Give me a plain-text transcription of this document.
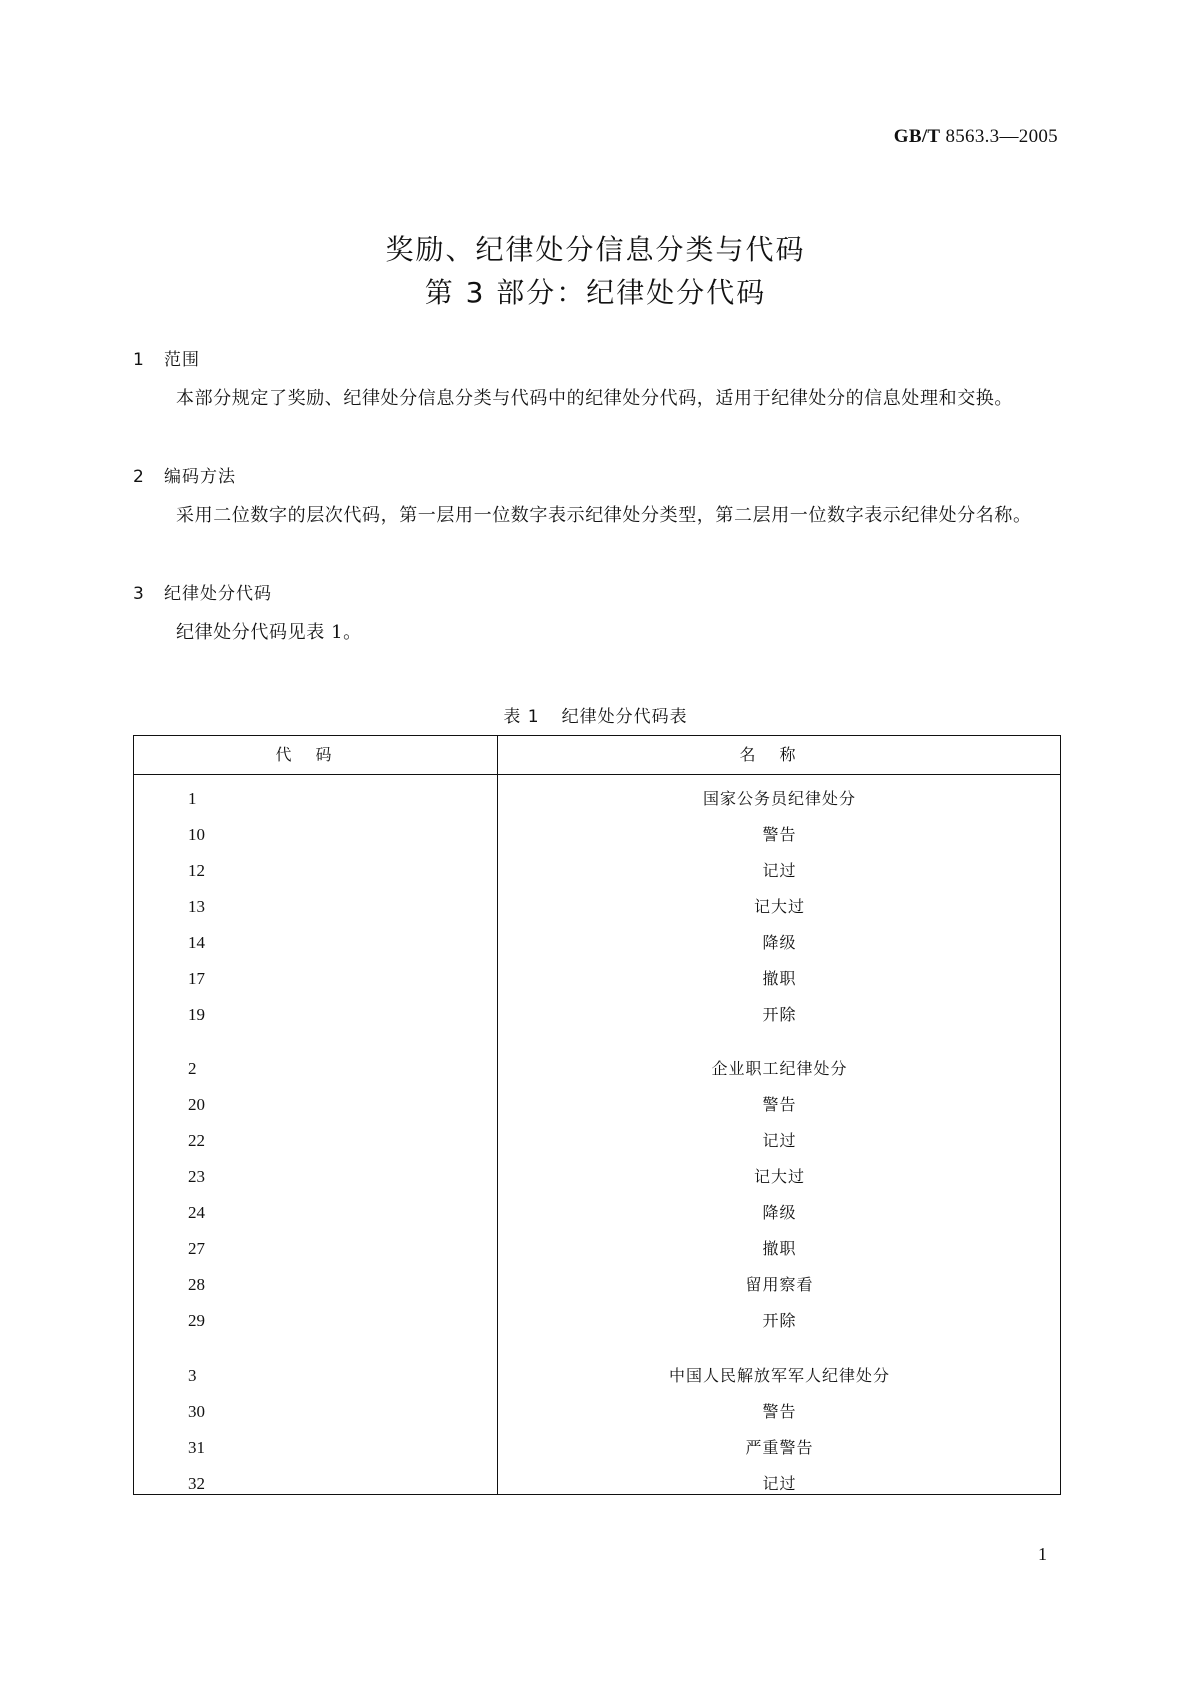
GB/T 8563.3—2005
奖励、纪律处分信息分类与代码
第 3 部分：纪律处分代码
1 范围
本部分规定了奖励、纪律处分信息分类与代码中的纪律处分代码，适用于纪律处分的信息处理和交换。
2 编码方法
采用二位数字的层次代码，第一层用一位数字表示纪律处分类型，第二层用一位数字表示纪律处分名称。
3 纪律处分代码
纪律处分代码见表 1。
表 1 纪律处分代码表
代码	名称
1	国家公务员纪律处分
10	警告
12	记过
13	记大过
14	降级
17	撤职
19	开除
2	企业职工纪律处分
20	警告
22	记过
23	记大过
24	降级
27	撤职
28	留用察看
29	开除
3	中国人民解放军军人纪律处分
30	警告
31	严重警告
32	记过
1
